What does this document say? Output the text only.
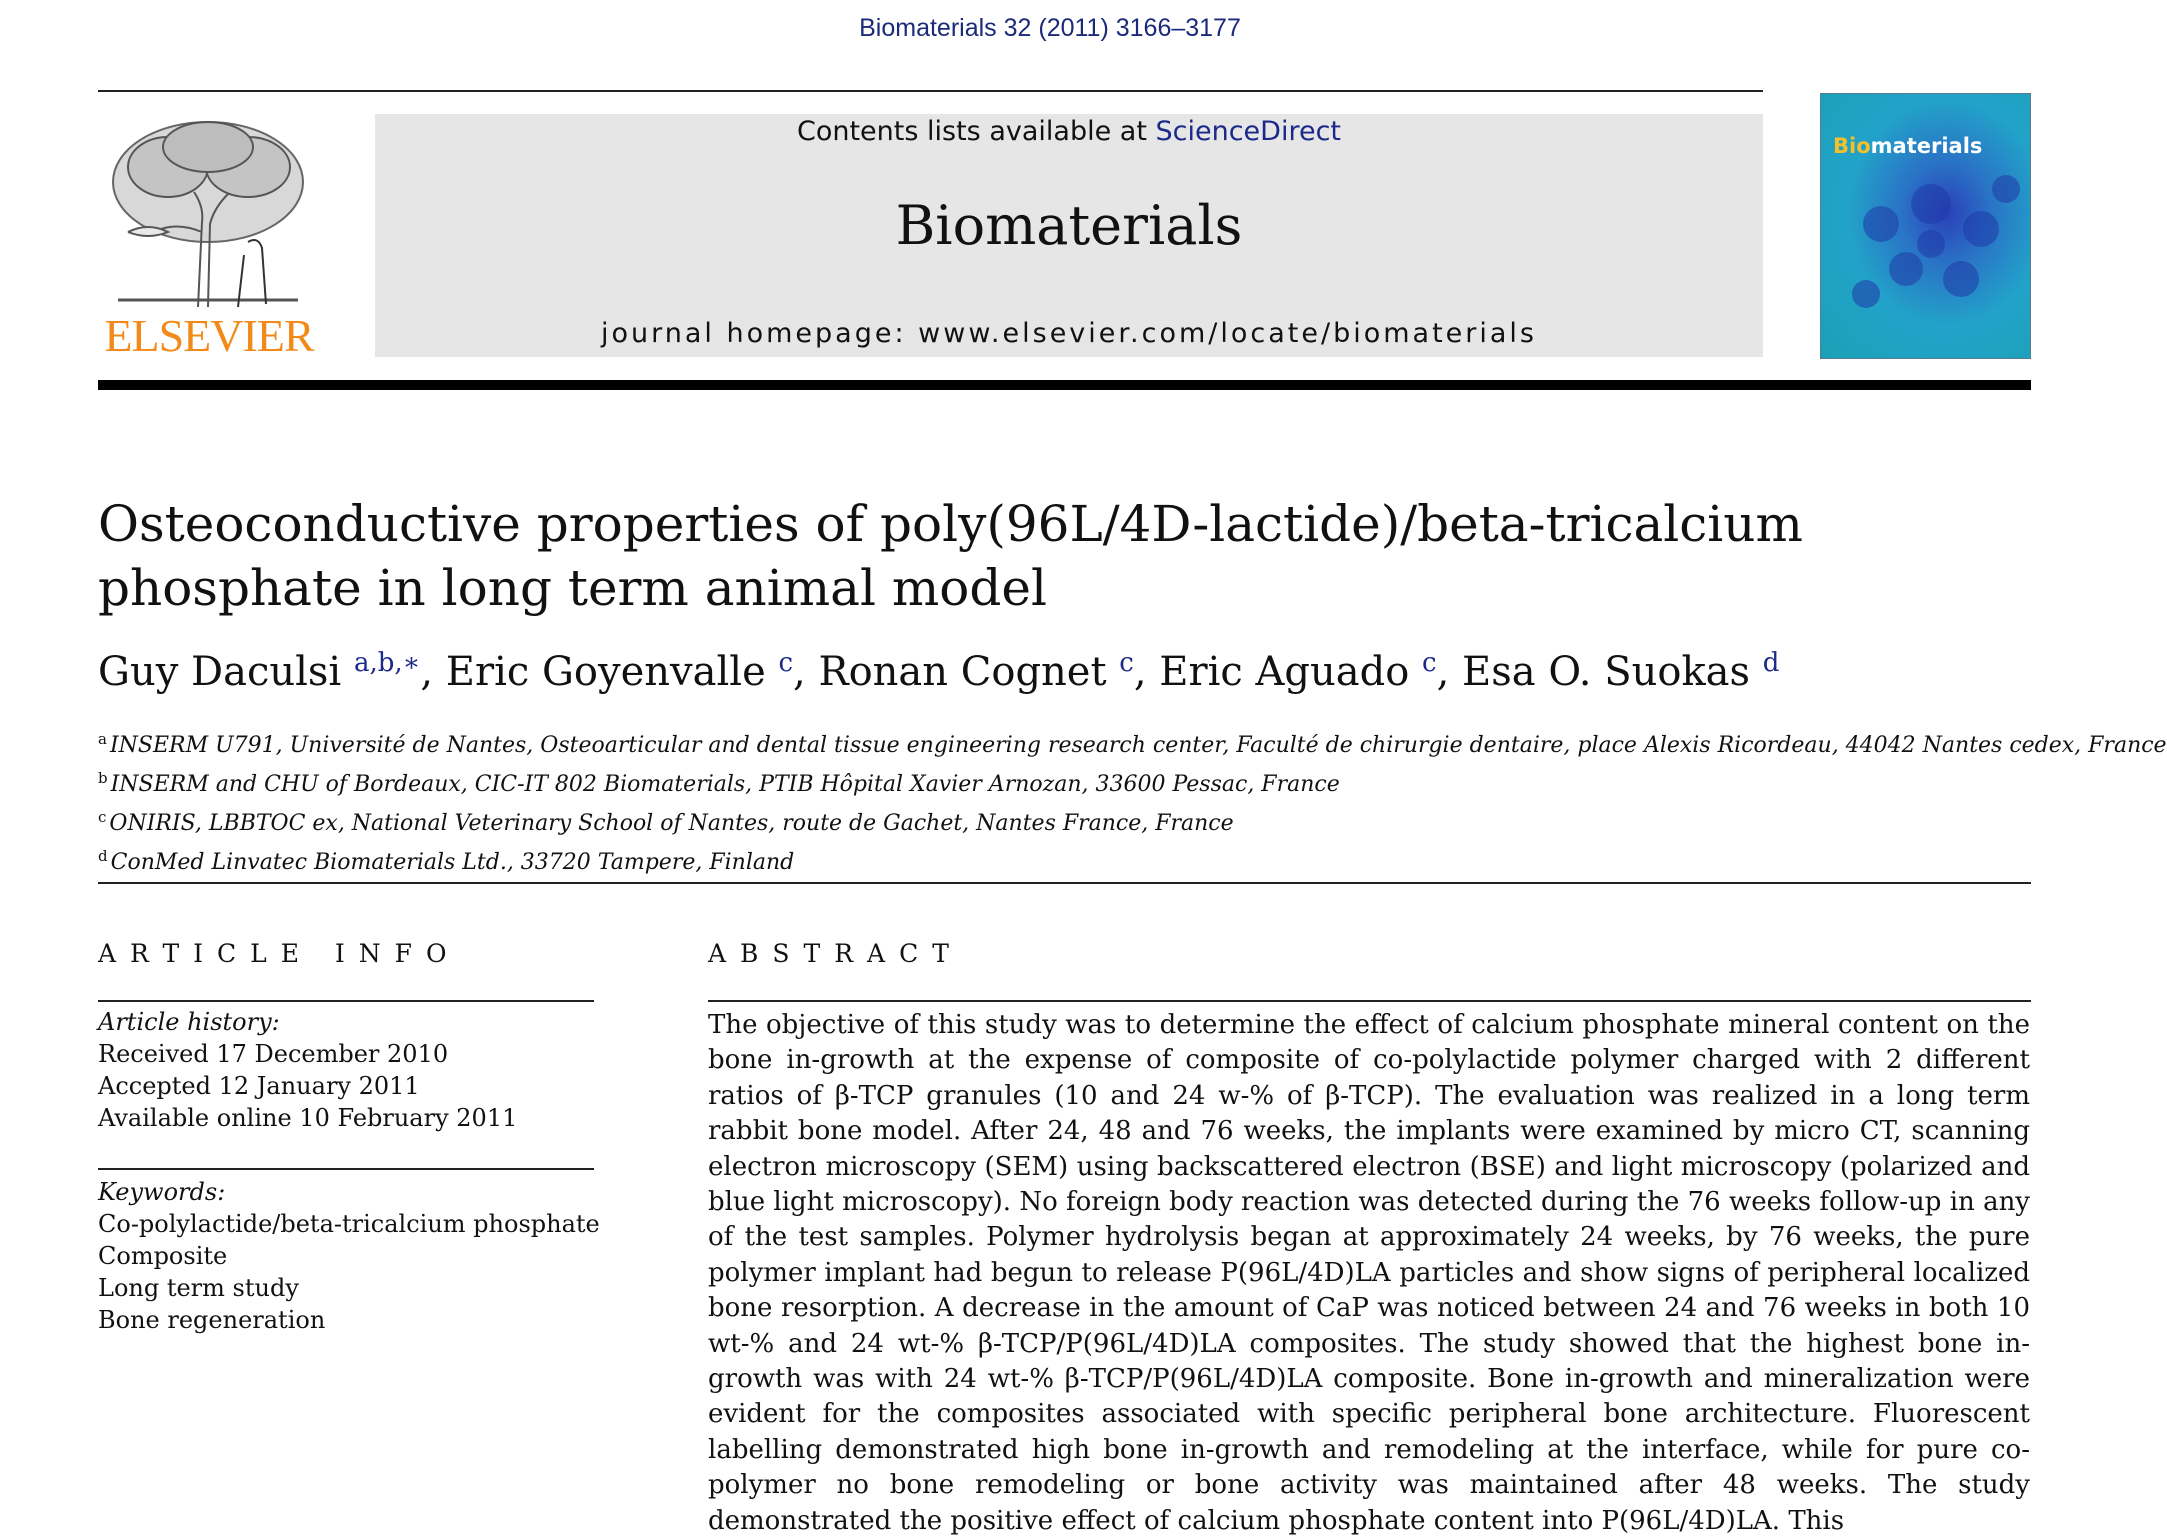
Biomaterials 32 (2011) 3166–3177
ELSEVIER
Contents lists available at ScienceDirect
Biomaterials
journal homepage: www.elsevier.com/locate/biomaterials
Biomaterials
Osteoconductive properties of poly(96L/4D-lactide)/beta-tricalcium phosphate in long term animal model
Guy Daculsi $^{a,b,∗}$, Eric Goyenvalle $^c$, Ronan Cognet $^c$, Eric Aguado $^c$, Esa O. Suokas $^d$
$^a$ INSERM U791, Université de Nantes, Osteoarticular and dental tissue engineering research center, Faculté de chirurgie dentaire, place Alexis Ricordeau, 44042 Nantes cedex, France
$^b$ INSERM and CHU of Bordeaux, CIC-IT 802 Biomaterials, PTIB Hôpital Xavier Arnozan, 33600 Pessac, France
$^c$ ONIRIS, LBBTOC ex, National Veterinary School of Nantes, route de Gachet, Nantes France, France
$^d$ ConMed Linvatec Biomaterials Ltd., 33720 Tampere, Finland
ARTICLE INFO
Article history:
Received 17 December 2010
Accepted 12 January 2011
Available online 10 February 2011
Keywords:
Co-polylactide/beta-tricalcium phosphate
Composite
Long term study
Bone regeneration
ABSTRACT
The objective of this study was to determine the effect of calcium phosphate mineral content on the bone in-growth at the expense of composite of co-polylactide polymer charged with 2 different ratios of β-TCP granules (10 and 24 w-% of β-TCP). The evaluation was realized in a long term rabbit bone model. After 24, 48 and 76 weeks, the implants were examined by micro CT, scanning electron microscopy (SEM) using backscattered electron (BSE) and light microscopy (polarized and blue light microscopy). No foreign body reaction was detected during the 76 weeks follow-up in any of the test samples. Polymer hydrolysis began at approximately 24 weeks, by 76 weeks, the pure polymer implant had begun to release P(96L/4D)LA particles and show signs of peripheral localized bone resorption. A decrease in the amount of CaP was noticed between 24 and 76 weeks in both 10 wt-% and 24 wt-% β-TCP/P(96L/4D)LA composites. The study showed that the highest bone in-growth was with 24 wt-% β-TCP/P(96L/4D)LA composite. Bone in-growth and mineralization were evident for the composites associated with specific peripheral bone architecture. Fluorescent labelling demonstrated high bone in-growth and remodeling at the interface, while for pure co-polymer no bone remodeling or bone activity was maintained after 48 weeks. The study demonstrated the positive effect of calcium phosphate content into P(96L/4D)LA. This
